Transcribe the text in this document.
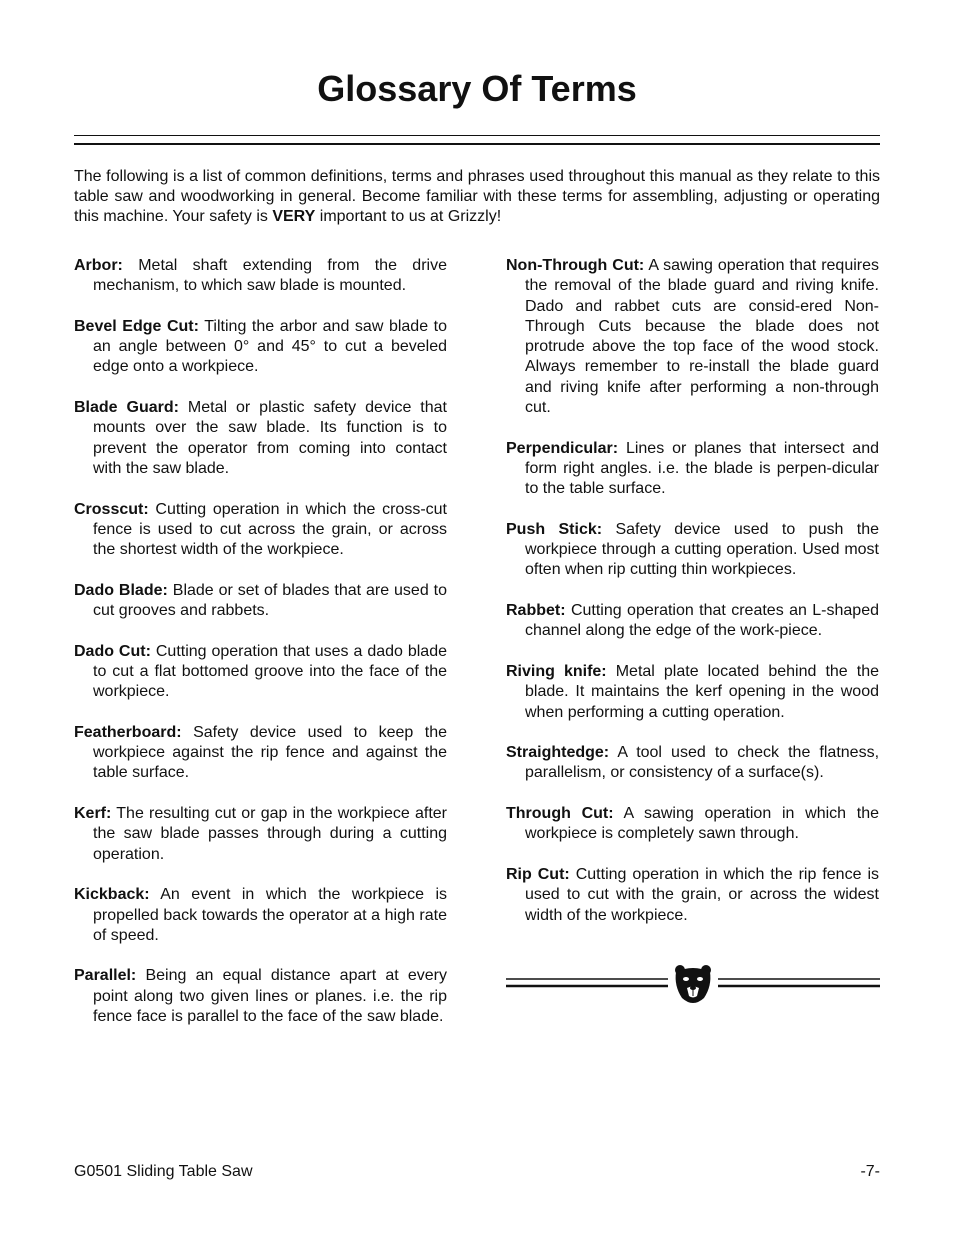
Glossary Of Terms

The following is a list of common definitions, terms and phrases used throughout this manual as they relate to this table saw and woodworking in general. Become familiar with these terms for assembling, adjusting or operating this machine. Your safety is VERY important to us at Grizzly!

Arbor: Metal shaft extending from the drive mechanism, to which saw blade is mounted.

Bevel Edge Cut: Tilting the arbor and saw blade to an angle between 0° and 45° to cut a beveled edge onto a workpiece.

Blade Guard: Metal or plastic safety device that mounts over the saw blade. Its function is to prevent the operator from coming into contact with the saw blade.

Crosscut: Cutting operation in which the cross-cut fence is used to cut across the grain, or across the shortest width of the workpiece.

Dado Blade: Blade or set of blades that are used to cut grooves and rabbets.

Dado Cut: Cutting operation that uses a dado blade to cut a flat bottomed groove into the face of the workpiece.

Featherboard: Safety device used to keep the workpiece against the rip fence and against the table surface.

Kerf: The resulting cut or gap in the workpiece after the saw blade passes through during a cutting operation.

Kickback: An event in which the workpiece is propelled back towards the operator at a high rate of speed.

Parallel: Being an equal distance apart at every point along two given lines or planes. i.e. the rip fence face is parallel to the face of the saw blade.

Non-Through Cut: A sawing operation that requires the removal of the blade guard and riving knife. Dado and rabbet cuts are consid-ered Non-Through Cuts because the blade does not protrude above the top face of the wood stock. Always remember to re-install the blade guard and riving knife after performing a non-through cut.

Perpendicular: Lines or planes that intersect and form right angles. i.e. the blade is perpen-dicular to the table surface.

Push Stick: Safety device used to push the workpiece through a cutting operation. Used most often when rip cutting thin workpieces.

Rabbet: Cutting operation that creates an L-shaped channel along the edge of the work-piece.

Riving knife: Metal plate located behind the the blade. It maintains the kerf opening in the wood when performing a cutting operation.

Straightedge: A tool used to check the flatness, parallelism, or consistency of a surface(s).

Through Cut: A sawing operation in which the workpiece is completely sawn through.

Rip Cut: Cutting operation in which the rip fence is used to cut with the grain, or across the widest width of the workpiece.

G0501 Sliding Table Saw	-7-
